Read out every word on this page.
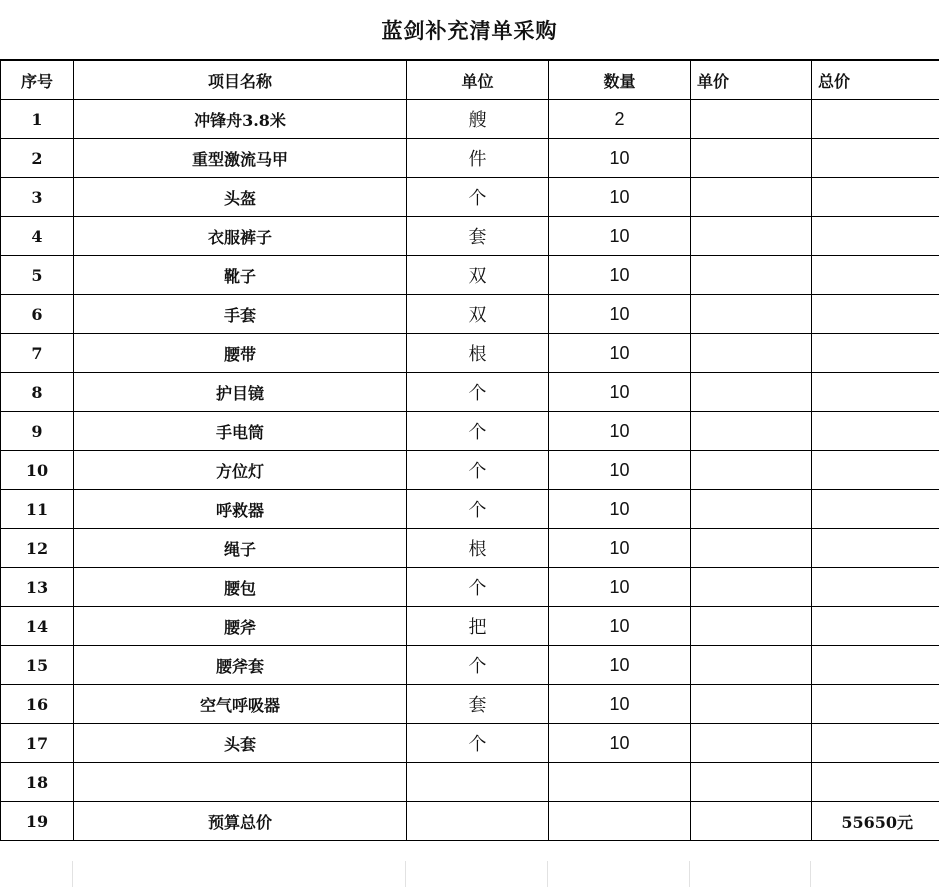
蓝剑补充清单采购
序号	项目名称	单位	数量	单价	总价
1	冲锋舟3.8米	艘	2		
2	重型激流马甲	件	10		
3	头盔	个	10		
4	衣服裤子	套	10		
5	靴子	双	10		
6	手套	双	10		
7	腰带	根	10		
8	护目镜	个	10		
9	手电筒	个	10		
10	方位灯	个	10		
11	呼救器	个	10		
12	绳子	根	10		
13	腰包	个	10		
14	腰斧	把	10		
15	腰斧套	个	10		
16	空气呼吸器	套	10		
17	头套	个	10		
18					
19	预算总价				55650元
